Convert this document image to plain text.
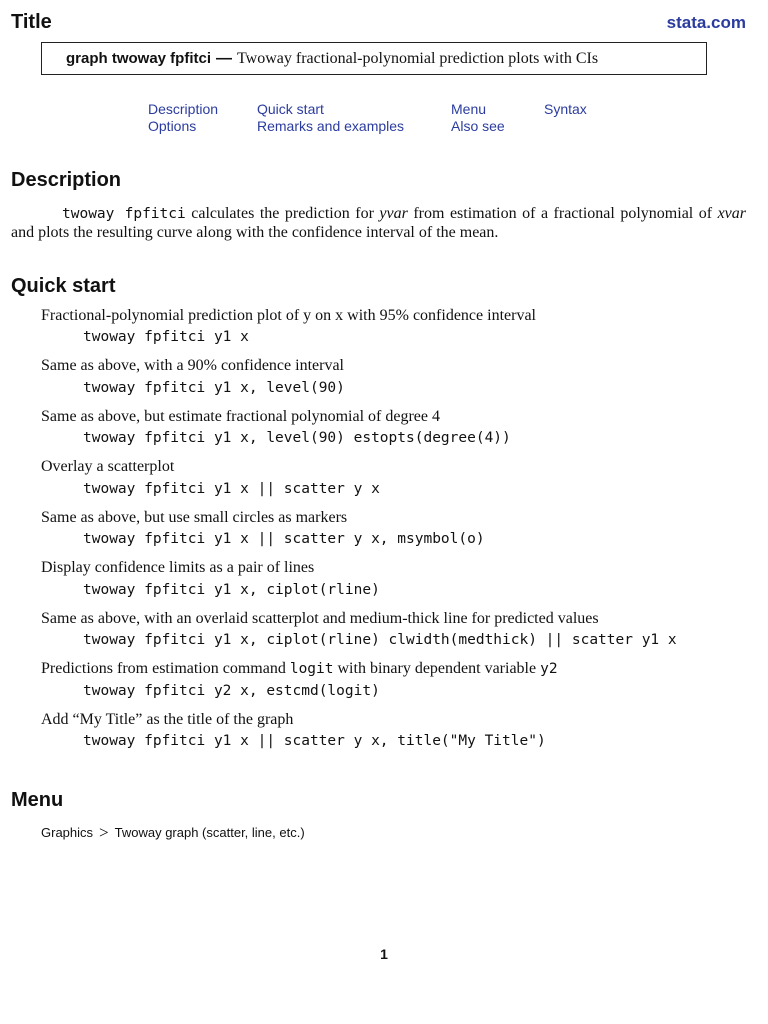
Title	stata.com
graph twoway fpfitci — Twoway fractional-polynomial prediction plots with CIs
Description
Options
Quick start
Remarks and examples
Menu
Also see
Syntax
Description
twoway fpfitci calculates the prediction for yvar from estimation of a fractional polynomial of xvar and plots the resulting curve along with the confidence interval of the mean.
Quick start
Fractional-polynomial prediction plot of y on x with 95% confidence interval
twoway fpfitci y1 x
Same as above, with a 90% confidence interval
twoway fpfitci y1 x, level(90)
Same as above, but estimate fractional polynomial of degree 4
twoway fpfitci y1 x, level(90) estopts(degree(4))
Overlay a scatterplot
twoway fpfitci y1 x || scatter y x
Same as above, but use small circles as markers
twoway fpfitci y1 x || scatter y x, msymbol(o)
Display confidence limits as a pair of lines
twoway fpfitci y1 x, ciplot(rline)
Same as above, with an overlaid scatterplot and medium-thick line for predicted values
twoway fpfitci y1 x, ciplot(rline) clwidth(medthick) || scatter y1 x
Predictions from estimation command logit with binary dependent variable y2
twoway fpfitci y2 x, estcmd(logit)
Add “My Title” as the title of the graph
twoway fpfitci y1 x || scatter y x, title("My Title")
Menu
Graphics > Twoway graph (scatter, line, etc.)
1
